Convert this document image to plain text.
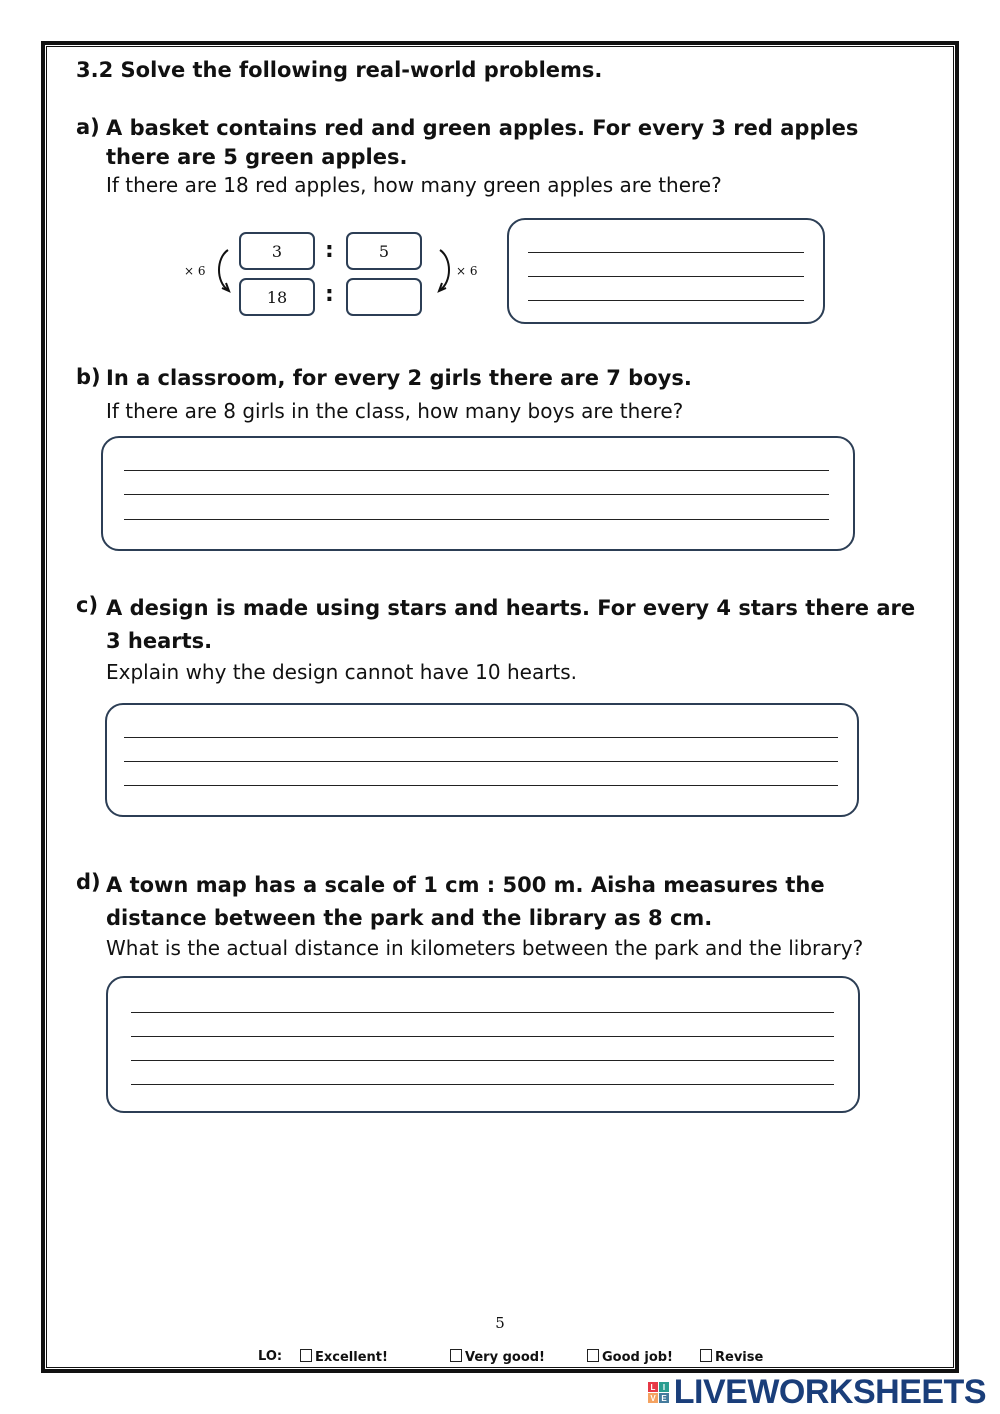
3.2 Solve the following real-world problems.
a) A basket contains red and green apples. For every 3 red apples there are 5 green apples.
If there are 18 red apples, how many green apples are there?
× 6
3	:	5
18	:
× 6
b) In a classroom, for every 2 girls there are 7 boys.
If there are 8 girls in the class, how many boys are there?
c) A design is made using stars and hearts. For every 4 stars there are 3 hearts.
Explain why the design cannot have 10 hearts.
d) A town map has a scale of 1 cm : 500 m. Aisha measures the distance between the park and the library as 8 cm.
What is the actual distance in kilometers between the park and the library?
5
LO:	Excellent!	Very good!	Good job!	Revise
L I
V E LIVEWORKSHEETS
